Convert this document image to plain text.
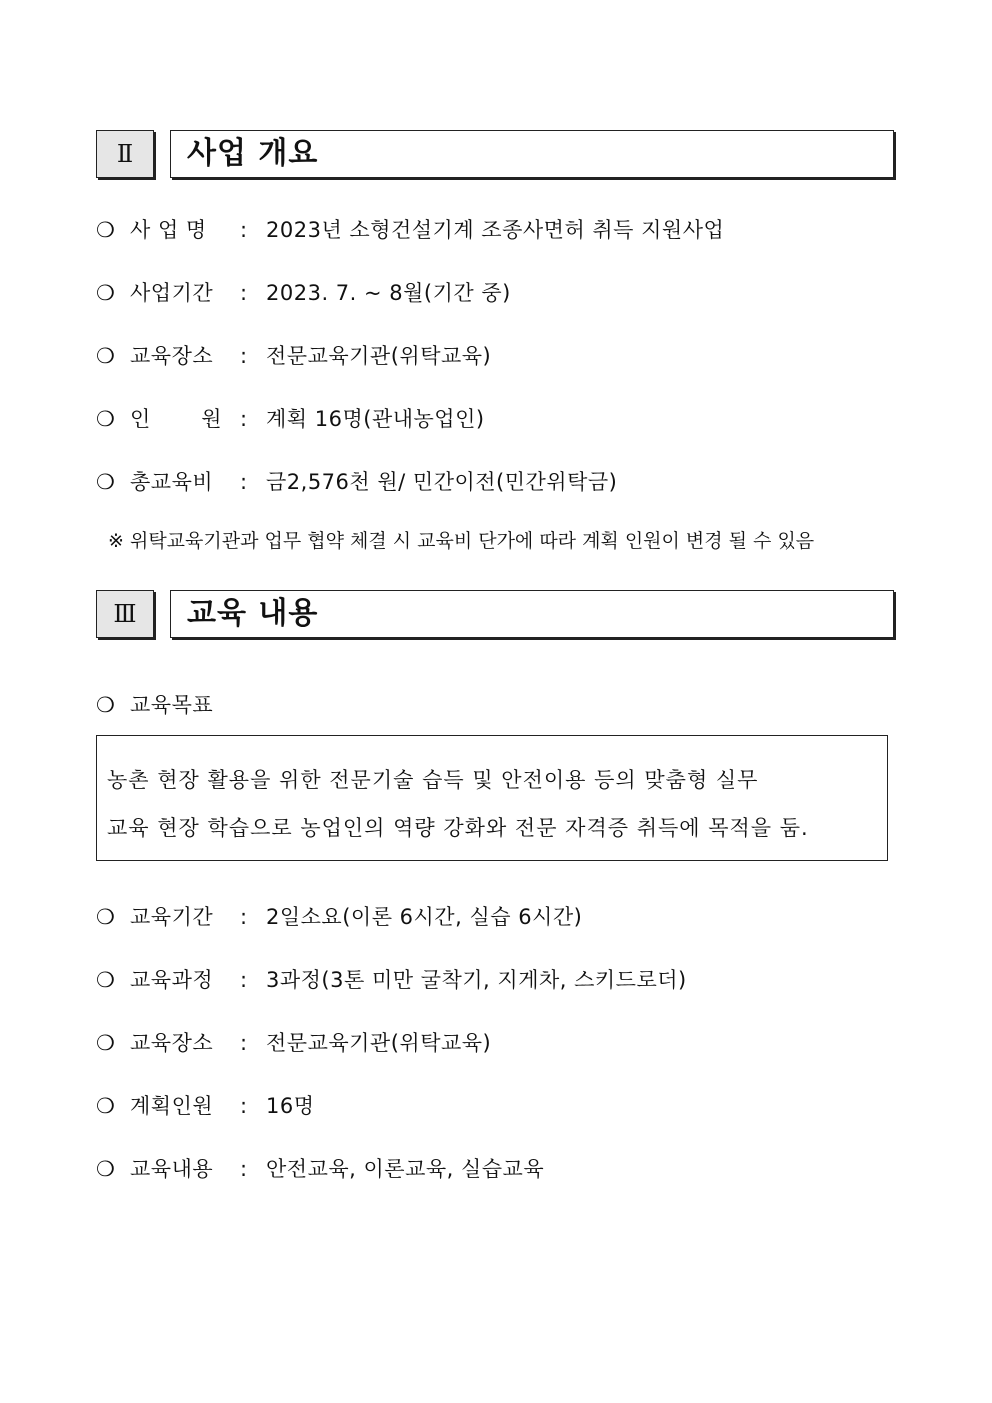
Ⅱ	사업 개요
❍ 사 업 명 : 2023년 소형건설기계 조종사면허 취득 지원사업
❍ 사업기간 : 2023. 7. ~ 8월(기간 중)
❍ 교육장소 : 전문교육기관(위탁교육)
❍ 인 원 : 계획 16명(관내농업인)
❍ 총교육비 : 금2,576천 원/ 민간이전(민간위탁금)
※ 위탁교육기관과 업무 협약 체결 시 교육비 단가에 따라 계획 인원이 변경 될 수 있음
Ⅲ	교육 내용
❍ 교육목표
농촌 현장 활용을 위한 전문기술 습득 및 안전이용 등의 맞춤형 실무
교육 현장 학습으로 농업인의 역량 강화와 전문 자격증 취득에 목적을 둠.
❍ 교육기간 : 2일소요(이론 6시간, 실습 6시간)
❍ 교육과정 : 3과정(3톤 미만 굴착기, 지게차, 스키드로더)
❍ 교육장소 : 전문교육기관(위탁교육)
❍ 계획인원 : 16명
❍ 교육내용 : 안전교육, 이론교육, 실습교육
